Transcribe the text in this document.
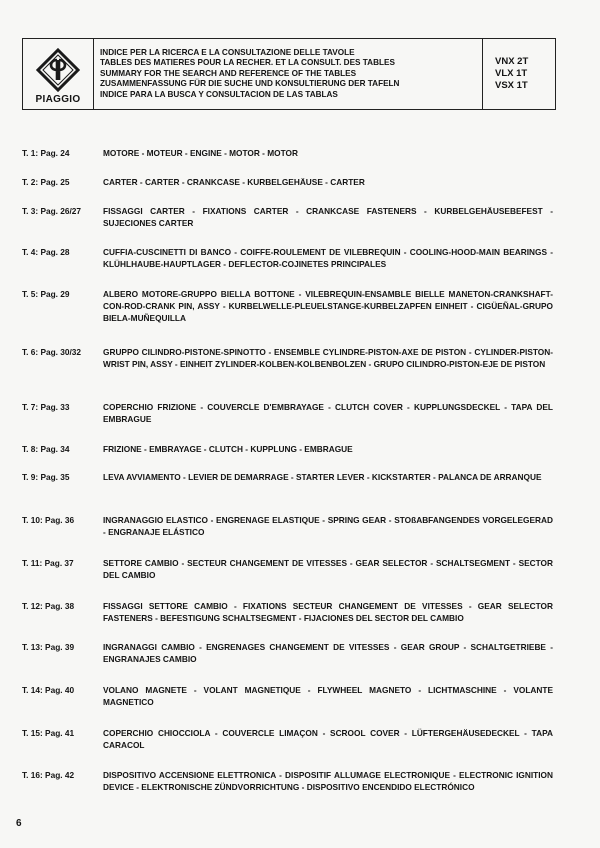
PIAGGIO
INDICE PER LA RICERCA E LA CONSULTAZIONE DELLE TAVOLE
TABLES DES MATIERES POUR LA RECHER. ET LA CONSULT. DES TABLES
SUMMARY FOR THE SEARCH AND REFERENCE OF THE TABLES
ZUSAMMENFASSUNG FÜR DIE SUCHE UND KONSULTIERUNG DER TAFELN
INDICE PARA LA BUSCA Y CONSULTACION DE LAS TABLAS
VNX 2T
VLX 1T
VSX 1T
T. 1: Pag. 24	MOTORE - MOTEUR - ENGINE - MOTOR - MOTOR
T. 2: Pag. 25	CARTER - CARTER - CRANKCASE - KURBELGEHÄUSE - CARTER
T. 3: Pag. 26/27	FISSAGGI CARTER - FIXATIONS CARTER - CRANKCASE FASTENERS - KURBELGEHÄUSEBEFEST - SUJECIONES CARTER
T. 4: Pag. 28	CUFFIA-CUSCINETTI DI BANCO - COIFFE-ROULEMENT DE VILEBREQUIN - COOLING-HOOD-MAIN BEARINGS - KLÜHLHAUBE-HAUPTLAGER - DEFLECTOR-COJINETES PRINCIPALES
T. 5: Pag. 29	ALBERO MOTORE-GRUPPO BIELLA BOTTONE - VILEBREQUIN-ENSAMBLE BIELLE MANETON-CRANKSHAFT-CON-ROD-CRANK PIN, ASSY - KURBELWELLE-PLEUELSTANGE-KURBELZAPFEN EINHEIT - CIGÜEÑAL-GRUPO BIELA-MUÑEQUILLA
T. 6: Pag. 30/32	GRUPPO CILINDRO-PISTONE-SPINOTTO - ENSEMBLE CYLINDRE-PISTON-AXE DE PISTON - CYLINDER-PISTON-WRIST PIN, ASSY - EINHEIT ZYLINDER-KOLBEN-KOLBENBOLZEN - GRUPO CILINDRO-PISTON-EJE DE PISTON
T. 7: Pag. 33	COPERCHIO FRIZIONE - COUVERCLE D'EMBRAYAGE - CLUTCH COVER - KUPPLUNGSDECKEL - TAPA DEL EMBRAGUE
T. 8: Pag. 34	FRIZIONE - EMBRAYAGE - CLUTCH - KUPPLUNG - EMBRAGUE
T. 9: Pag. 35	LEVA AVVIAMENTO - LEVIER DE DEMARRAGE - STARTER LEVER - KICKSTARTER - PALANCA DE ARRANQUE
T. 10: Pag. 36	INGRANAGGIO ELASTICO - ENGRENAGE ELASTIQUE - SPRING GEAR - STOßABFANGENDES VORGELEGERAD - ENGRANAJE ELÁSTICO
T. 11: Pag. 37	SETTORE CAMBIO - SECTEUR CHANGEMENT DE VITESSES - GEAR SELECTOR - SCHALTSEGMENT - SECTOR DEL CAMBIO
T. 12: Pag. 38	FISSAGGI SETTORE CAMBIO - FIXATIONS SECTEUR CHANGEMENT DE VITESSES - GEAR SELECTOR FASTENERS - BEFESTIGUNG SCHALTSEGMENT - FIJACIONES DEL SECTOR DEL CAMBIO
T. 13: Pag. 39	INGRANAGGI CAMBIO - ENGRENAGES CHANGEMENT DE VITESSES - GEAR GROUP - SCHALTGETRIEBE - ENGRANAJES CAMBIO
T. 14: Pag. 40	VOLANO MAGNETE - VOLANT MAGNETIQUE - FLYWHEEL MAGNETO - LICHTMASCHINE - VOLANTE MAGNETICO
T. 15: Pag. 41	COPERCHIO CHIOCCIOLA - COUVERCLE LIMAÇON - SCROOL COVER - LÜFTERGEHÄUSEDECKEL - TAPA CARACOL
T. 16: Pag. 42	DISPOSITIVO ACCENSIONE ELETTRONICA - DISPOSITIF ALLUMAGE ELECTRONIQUE - ELECTRONIC IGNITION DEVICE - ELEKTRONISCHE ZÜNDVORRICHTUNG - DISPOSITIVO ENCENDIDO ELECTRÓNICO
6
